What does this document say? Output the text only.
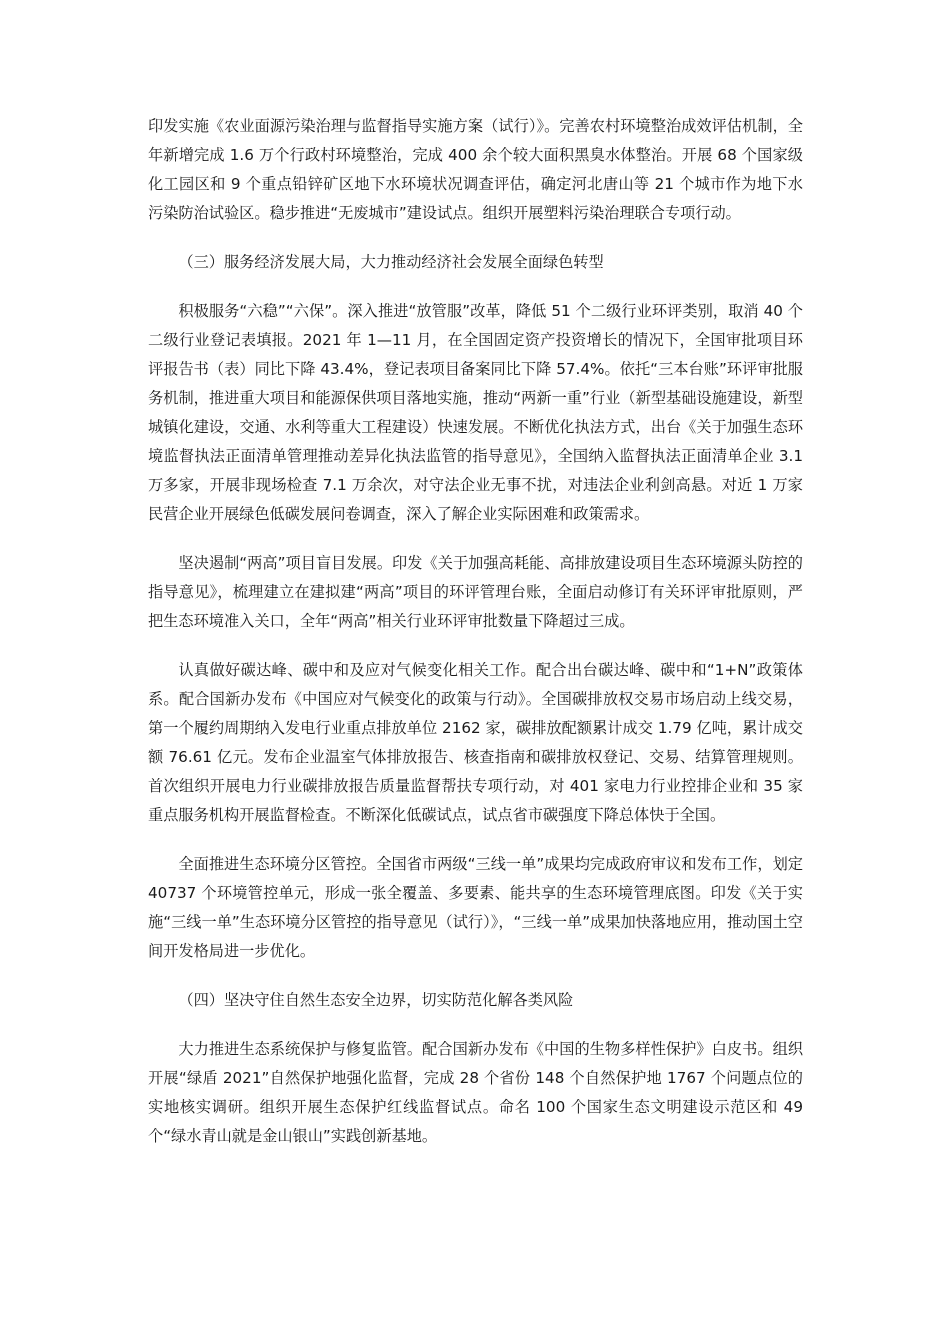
印发实施《农业面源污染治理与监督指导实施方案（试行）》。完善农村环境整治成效评估机制，全年新增完成 1.6 万个行政村环境整治，完成 400 余个较大面积黑臭水体整治。开展 68 个国家级化工园区和 9 个重点铅锌矿区地下水环境状况调查评估，确定河北唐山等 21 个城市作为地下水污染防治试验区。稳步推进“无废城市”建设试点。组织开展塑料污染治理联合专项行动。

（三）服务经济发展大局，大力推动经济社会发展全面绿色转型

积极服务“六稳”“六保”。深入推进“放管服”改革，降低 51 个二级行业环评类别，取消 40 个二级行业登记表填报。2021 年 1—11 月，在全国固定资产投资增长的情况下，全国审批项目环评报告书（表）同比下降 43.4%，登记表项目备案同比下降 57.4%。依托“三本台账”环评审批服务机制，推进重大项目和能源保供项目落地实施，推动“两新一重”行业（新型基础设施建设，新型城镇化建设，交通、水利等重大工程建设）快速发展。不断优化执法方式，出台《关于加强生态环境监督执法正面清单管理推动差异化执法监管的指导意见》，全国纳入监督执法正面清单企业 3.1 万多家，开展非现场检查 7.1 万余次，对守法企业无事不扰，对违法企业利剑高悬。对近 1 万家民营企业开展绿色低碳发展问卷调查，深入了解企业实际困难和政策需求。

坚决遏制“两高”项目盲目发展。印发《关于加强高耗能、高排放建设项目生态环境源头防控的指导意见》，梳理建立在建拟建“两高”项目的环评管理台账，全面启动修订有关环评审批原则，严把生态环境准入关口，全年“两高”相关行业环评审批数量下降超过三成。

认真做好碳达峰、碳中和及应对气候变化相关工作。配合出台碳达峰、碳中和“1+N”政策体系。配合国新办发布《中国应对气候变化的政策与行动》。全国碳排放权交易市场启动上线交易，第一个履约周期纳入发电行业重点排放单位 2162 家，碳排放配额累计成交 1.79 亿吨，累计成交额 76.61 亿元。发布企业温室气体排放报告、核查指南和碳排放权登记、交易、结算管理规则。首次组织开展电力行业碳排放报告质量监督帮扶专项行动，对 401 家电力行业控排企业和 35 家重点服务机构开展监督检查。不断深化低碳试点，试点省市碳强度下降总体快于全国。

全面推进生态环境分区管控。全国省市两级“三线一单”成果均完成政府审议和发布工作，划定 40737 个环境管控单元，形成一张全覆盖、多要素、能共享的生态环境管理底图。印发《关于实施“三线一单”生态环境分区管控的指导意见（试行）》，“三线一单”成果加快落地应用，推动国土空间开发格局进一步优化。

（四）坚决守住自然生态安全边界，切实防范化解各类风险

大力推进生态系统保护与修复监管。配合国新办发布《中国的生物多样性保护》白皮书。组织开展“绿盾 2021”自然保护地强化监督，完成 28 个省份 148 个自然保护地 1767 个问题点位的实地核实调研。组织开展生态保护红线监督试点。命名 100 个国家生态文明建设示范区和 49 个“绿水青山就是金山银山”实践创新基地。
